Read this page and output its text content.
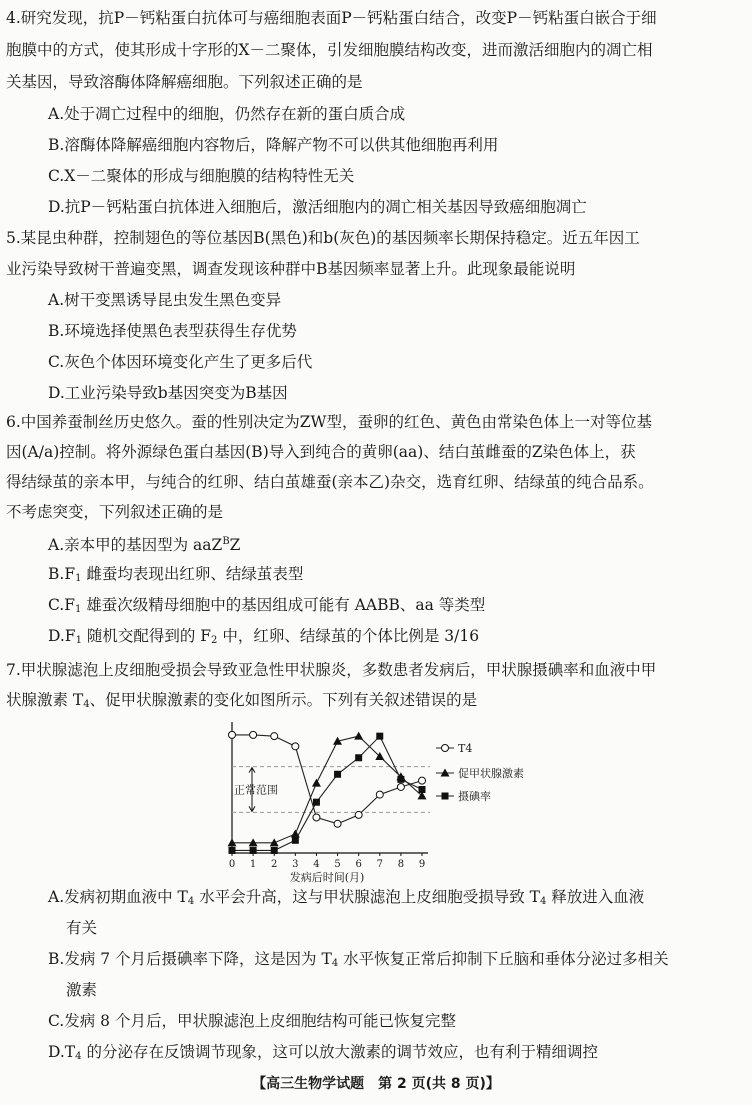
4.研究发现，抗P－钙粘蛋白抗体可与癌细胞表面P－钙粘蛋白结合，改变P－钙粘蛋白嵌合于细
胞膜中的方式，使其形成十字形的X－二聚体，引发细胞膜结构改变，进而激活细胞内的凋亡相
关基因，导致溶酶体降解癌细胞。下列叙述正确的是
A.处于凋亡过程中的细胞，仍然存在新的蛋白质合成
B.溶酶体降解癌细胞内容物后，降解产物不可以供其他细胞再利用
C.X－二聚体的形成与细胞膜的结构特性无关
D.抗P－钙粘蛋白抗体进入细胞后，激活细胞内的凋亡相关基因导致癌细胞凋亡
5.某昆虫种群，控制翅色的等位基因B(黑色)和b(灰色)的基因频率长期保持稳定。近五年因工
业污染导致树干普遍变黑，调查发现该种群中B基因频率显著上升。此现象最能说明
A.树干变黑诱导昆虫发生黑色变异
B.环境选择使黑色表型获得生存优势
C.灰色个体因环境变化产生了更多后代
D.工业污染导致b基因突变为B基因
6.中国养蚕制丝历史悠久。蚕的性别决定为ZW型，蚕卵的红色、黄色由常染色体上一对等位基
因(A/a)控制。将外源绿色蛋白基因(B)导入到纯合的黄卵(aa)、结白茧雌蚕的Z染色体上，获
得结绿茧的亲本甲，与纯合的红卵、结白茧雄蚕(亲本乙)杂交，选育红卵、结绿茧的纯合品系。
不考虑突变，下列叙述正确的是
A.亲本甲的基因型为 aaZ$^B$Z
$B.F_1$ 雌蚕均表现出红卵、结绿茧表型
$C.F_1$ 雄蚕次级精母细胞中的基因组成可能有 AABB、aa 等类型
$D.F_1$ 随机交配得到的 $F_2$ 中，红卵、结绿茧的个体比例是 3/16
7.甲状腺滤泡上皮细胞受损会导致亚急性甲状腺炎，多数患者发病后，甲状腺摄碘率和血液中甲
状腺激素 $T_4$、促甲状腺激素的变化如图所示。下列有关叙述错误的是
正常范围
0 1 2 3 4 5 6 7 8 9
发病后时间(月)
T4
促甲状腺激素
摄碘率
A.发病初期血液中 $T_4$ 水平会升高，这与甲状腺滤泡上皮细胞受损导致 $T_4$ 释放进入血液
有关
B.发病 7 个月后摄碘率下降，这是因为 $T_4$ 水平恢复正常后抑制下丘脑和垂体分泌过多相关
激素
C.发病 8 个月后，甲状腺滤泡上皮细胞结构可能已恢复完整
$D.T_4$ 的分泌存在反馈调节现象，这可以放大激素的调节效应，也有利于精细调控
【高三生物学试题　第 2 页(共 8 页)】
